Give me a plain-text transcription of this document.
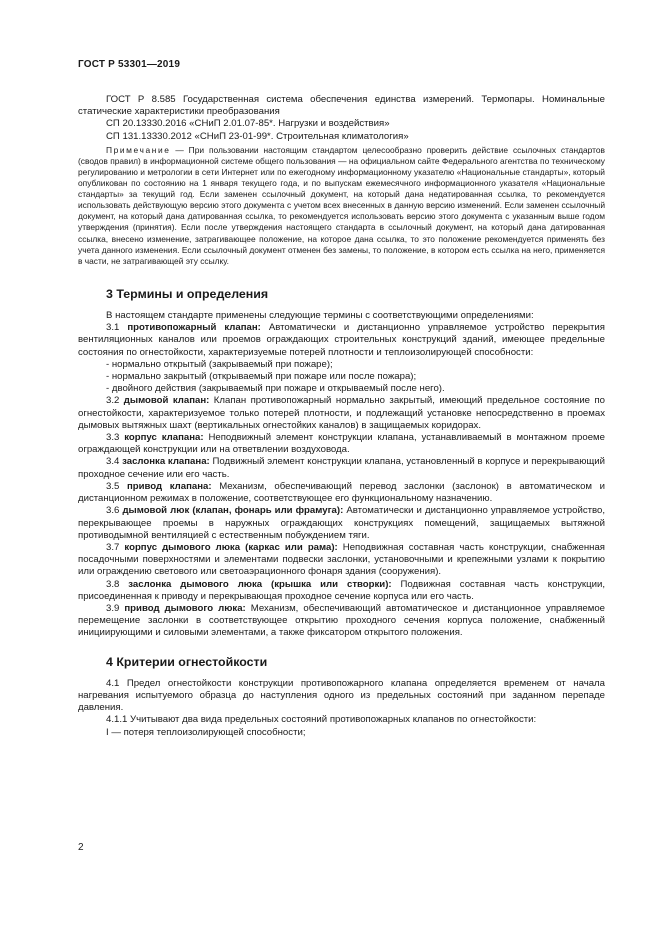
ГОСТ Р 53301—2019

ГОСТ Р 8.585 Государственная система обеспечения единства измерений. Термопары. Номинальные статические характеристики преобразования

СП 20.13330.2016 «СНиП 2.01.07-85*. Нагрузки и воздействия»

СП 131.13330.2012 «СНиП 23-01-99*. Строительная климатология»

Примечание — При пользовании настоящим стандартом целесообразно проверить действие ссылочных стандартов (сводов правил) в информационной системе общего пользования — на официальном сайте Федерального агентства по техническому регулированию и метрологии в сети Интернет или по ежегодному информационному указателю «Национальные стандарты», который опубликован по состоянию на 1 января текущего года, и по выпускам ежемесячного информационного указателя «Национальные стандарты» за текущий год. Если заменен ссылочный документ, на который дана недатированная ссылка, то рекомендуется использовать действующую версию этого документа с учетом всех внесенных в данную версию изменений. Если заменен ссылочный документ, на который дана датированная ссылка, то рекомендуется использовать версию этого документа с указанным выше годом утверждения (принятия). Если после утверждения настоящего стандарта в ссылочный документ, на который дана датированная ссылка, внесено изменение, затрагивающее положение, на которое дана ссылка, то это положение рекомендуется применять без учета данного изменения. Если ссылочный документ отменен без замены, то положение, в котором есть ссылка на него, применяется в части, не затрагивающей эту ссылку.

3 Термины и определения

В настоящем стандарте применены следующие термины с соответствующими определениями:

3.1 противопожарный клапан: Автоматически и дистанционно управляемое устройство перекрытия вентиляционных каналов или проемов ограждающих строительных конструкций зданий, имеющее предельные состояния по огнестойкости, характеризуемые потерей плотности и теплоизолирующей способности:

- нормально открытый (закрываемый при пожаре);

- нормально закрытый (открываемый при пожаре или после пожара);

- двойного действия (закрываемый при пожаре и открываемый после него).

3.2 дымовой клапан: Клапан противопожарный нормально закрытый, имеющий предельное состояние по огнестойкости, характеризуемое только потерей плотности, и подлежащий установке непосредственно в проемах дымовых вытяжных шахт (вертикальных огнестойких каналов) в защищаемых коридорах.

3.3 корпус клапана: Неподвижный элемент конструкции клапана, устанавливаемый в монтажном проеме ограждающей конструкции или на ответвлении воздуховода.

3.4 заслонка клапана: Подвижный элемент конструкции клапана, установленный в корпусе и перекрывающий проходное сечение или его часть.

3.5 привод клапана: Механизм, обеспечивающий перевод заслонки (заслонок) в автоматическом и дистанционном режимах в положение, соответствующее его функциональному назначению.

3.6 дымовой люк (клапан, фонарь или фрамуга): Автоматически и дистанционно управляемое устройство, перекрывающее проемы в наружных ограждающих конструкциях помещений, защищаемых вытяжной противодымной вентиляцией с естественным побуждением тяги.

3.7 корпус дымового люка (каркас или рама): Неподвижная составная часть конструкции, снабженная посадочными поверхностями и элементами подвески заслонки, установочными и крепежными узлами к покрытию или ограждению светового или светоаэрационного фонаря здания (сооружения).

3.8 заслонка дымового люка (крышка или створки): Подвижная составная часть конструкции, присоединенная к приводу и перекрывающая проходное сечение корпуса или его часть.

3.9 привод дымового люка: Механизм, обеспечивающий автоматическое и дистанционное управляемое перемещение заслонки в соответствующее открытию проходного сечения корпуса положение, снабженный инициирующими и силовыми элементами, а также фиксатором открытого положения.

4 Критерии огнестойкости

4.1 Предел огнестойкости конструкции противопожарного клапана определяется временем от начала нагревания испытуемого образца до наступления одного из предельных состояний при заданном перепаде давления.

4.1.1 Учитывают два вида предельных состояний противопожарных клапанов по огнестойкости:

I — потеря теплоизолирующей способности;

2
